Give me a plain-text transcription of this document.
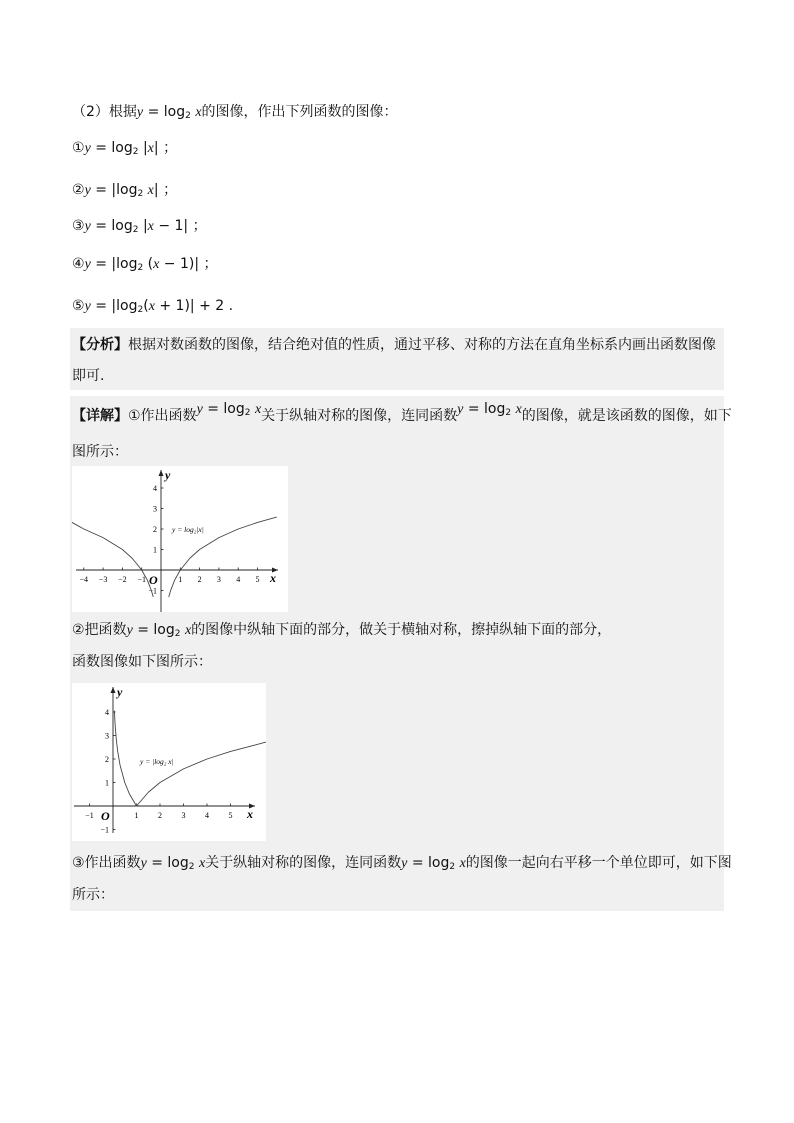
（2）根据$y = \log_2 x$的图像，作出下列函数的图像：
①y = $\log_2 |x|$ ；
②y = $|\log_2$ x| ；
③y = $\log_2 |x - 1|$ ；
④y = $|\log_2$ (x − 1)| ；
⑤y = $|\log_2(x + 1)| + 2$ .
【分析】根据对数函数的图像，结合绝对值的性质，通过平移、对称的方法在直角坐标系内画出函数图像
即可.
【详解】①作出函数$y = \log_2 x$关于纵轴对称的图像，连同函数$y = \log_2 x$的图像，就是该函数的图像，如下
图所示：
x
y
O
−4 −3 −2 −1	1 2 3 4 5
4
3
2
1
−1
y = log₂|x|
②把函数$y = \log_2 x$的图像中纵轴下面的部分，做关于横轴对称，擦掉纵轴下面的部分，
函数图像如下图所示：
x
y
O
−1	1 2 3 4 5
4
3
2
1
−1
y = |log₂ x|
③作出函数$y = \log_2 x$关于纵轴对称的图像，连同函数$y = \log_2 x$的图像一起向右平移一个单位即可，如下图
所示：
